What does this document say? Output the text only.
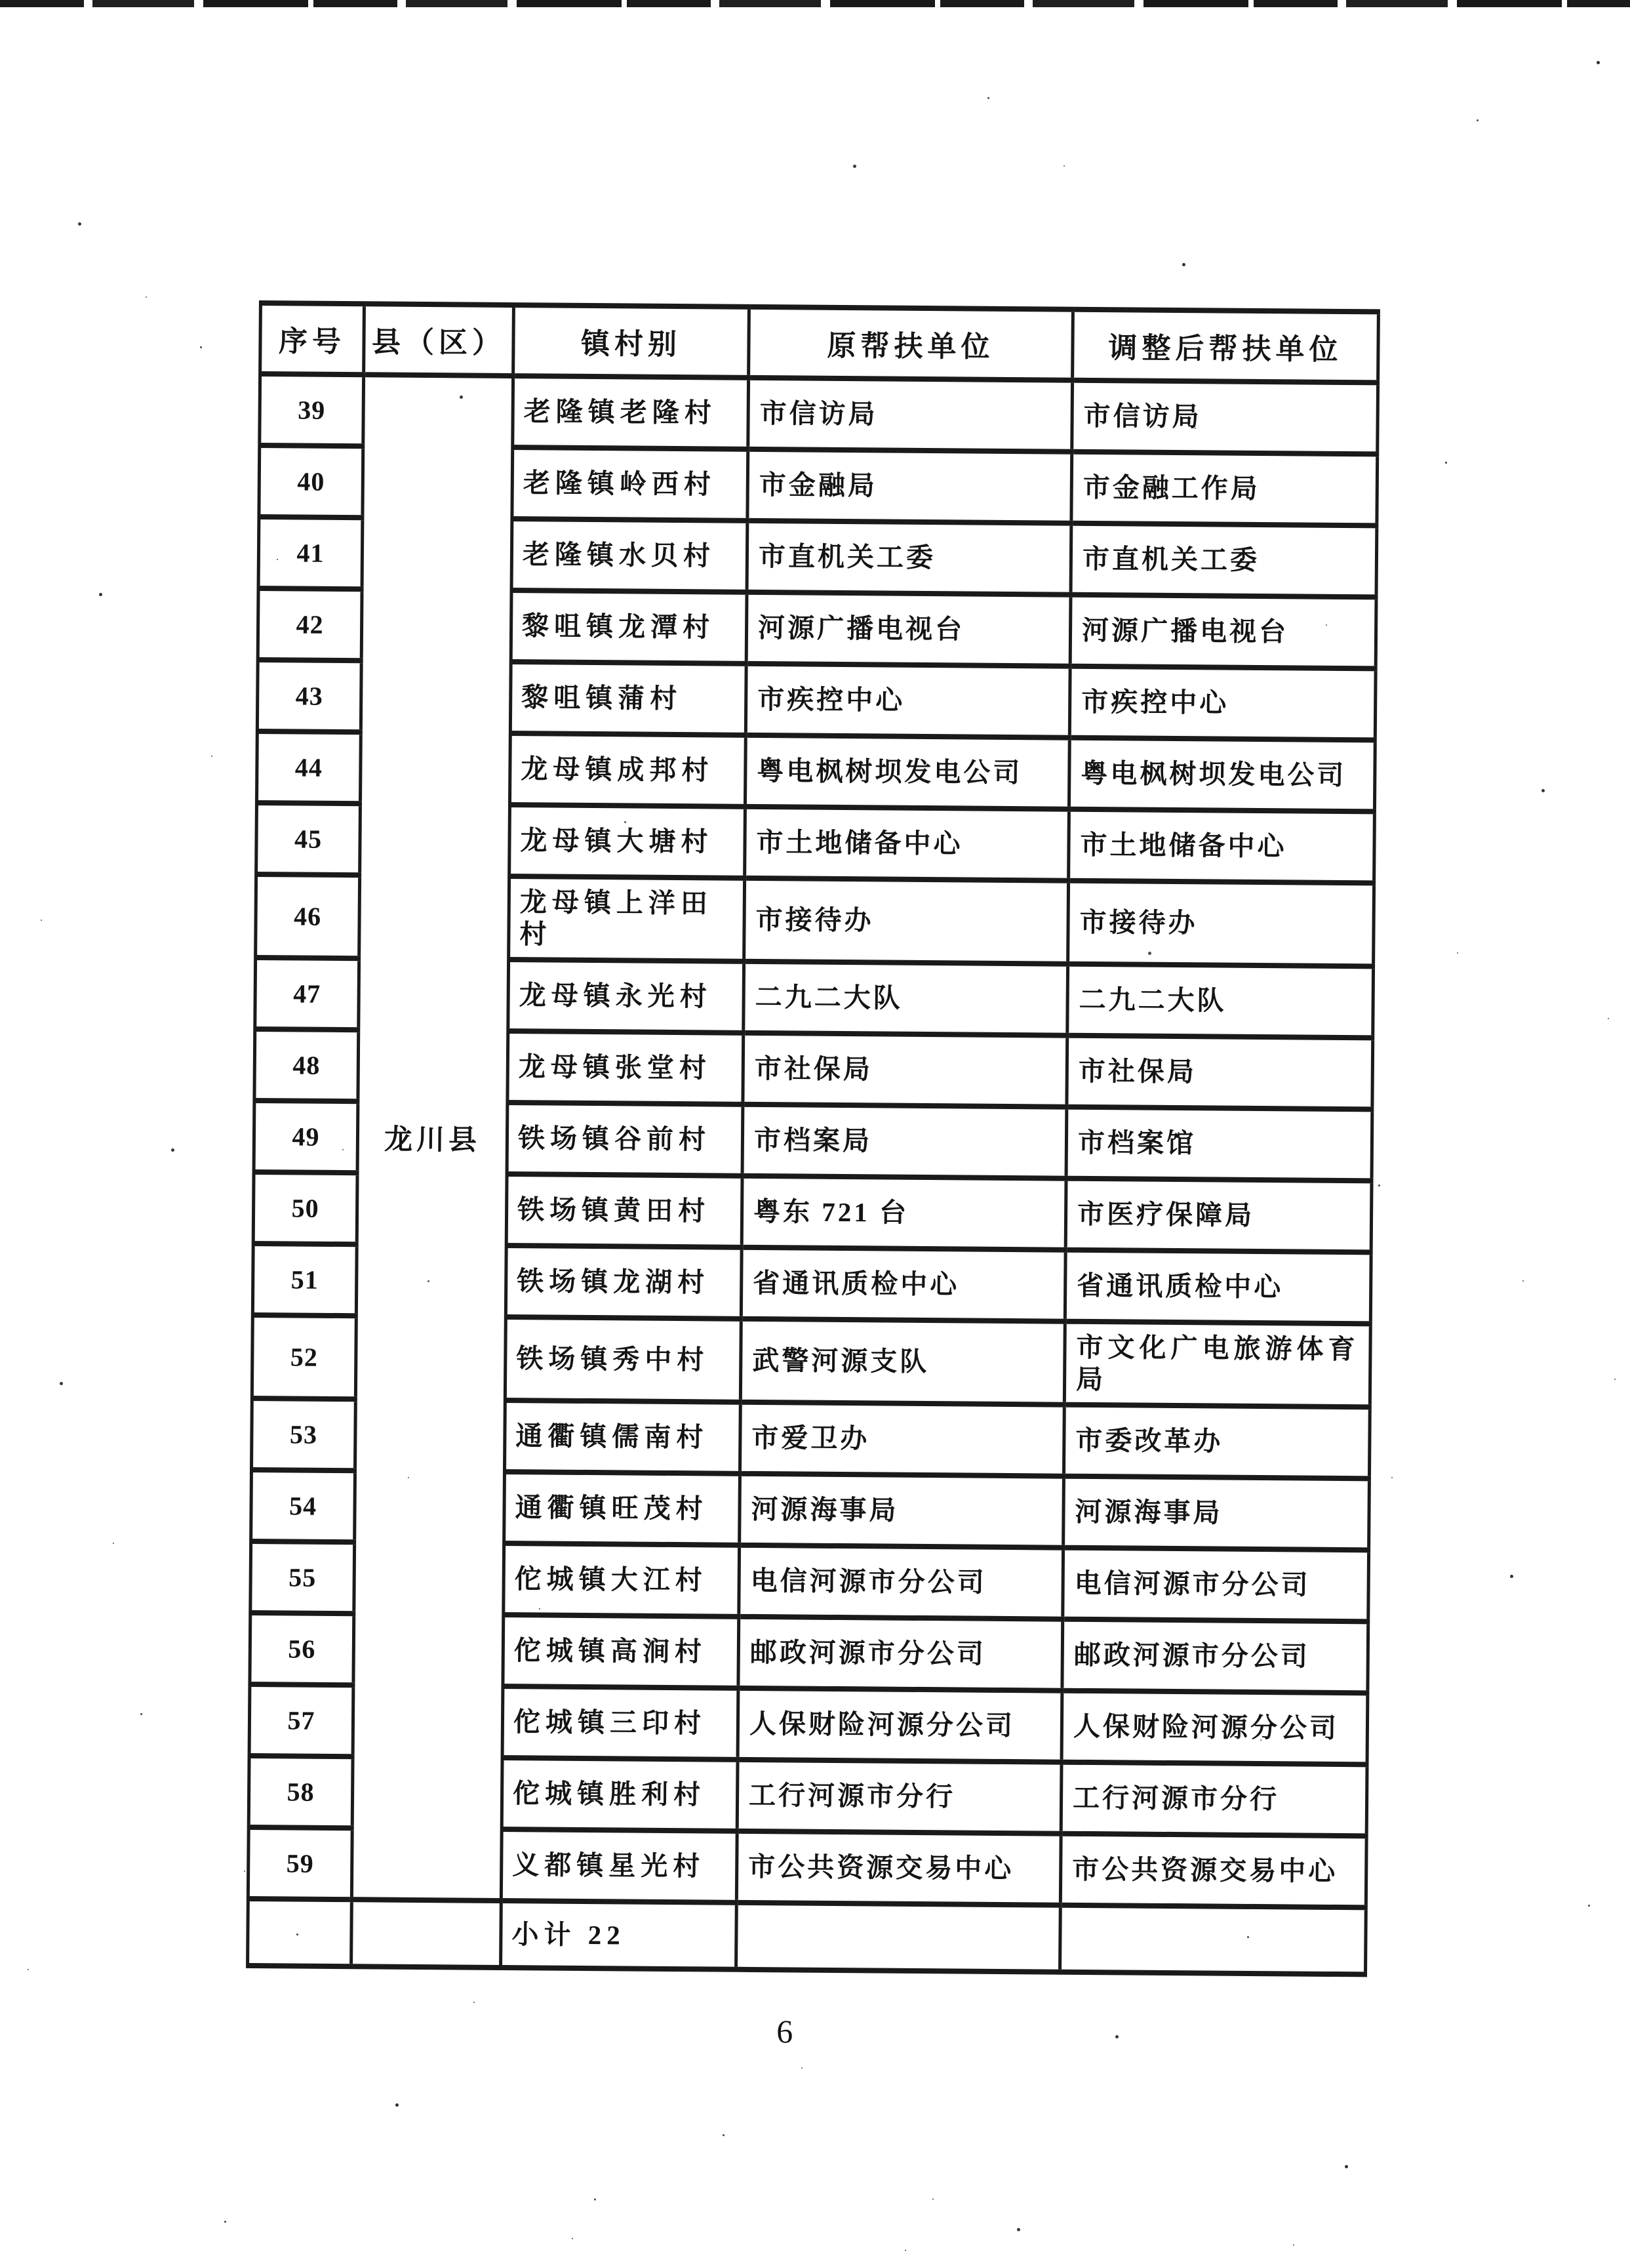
序号	县（区）	镇村别	原帮扶单位	调整后帮扶单位
39	龙川县	老隆镇老隆村	市信访局	市信访局
40		老隆镇岭西村	市金融局	市金融工作局
41		老隆镇水贝村	市直机关工委	市直机关工委
42		黎咀镇龙潭村	河源广播电视台	河源广播电视台
43		黎咀镇蒲村	市疾控中心	市疾控中心
44		龙母镇成邦村	粤电枫树坝发电公司	粤电枫树坝发电公司
45		龙母镇大塘村	市土地储备中心	市土地储备中心
46		龙母镇上洋田村	市接待办	市接待办
47		龙母镇永光村	二九二大队	二九二大队
48		龙母镇张堂村	市社保局	市社保局
49		铁场镇谷前村	市档案局	市档案馆
50		铁场镇黄田村	粤东 721 台	市医疗保障局
51		铁场镇龙湖村	省通讯质检中心	省通讯质检中心
52		铁场镇秀中村	武警河源支队	市文化广电旅游体育局
53		通衢镇儒南村	市爱卫办	市委改革办
54		通衢镇旺茂村	河源海事局	河源海事局
55		佗城镇大江村	电信河源市分公司	电信河源市分公司
56		佗城镇高涧村	邮政河源市分公司	邮政河源市分公司
57		佗城镇三印村	人保财险河源分公司	人保财险河源分公司
58		佗城镇胜利村	工行河源市分行	工行河源市分行
59		义都镇星光村	市公共资源交易中心	市公共资源交易中心
		小计 22		
6
